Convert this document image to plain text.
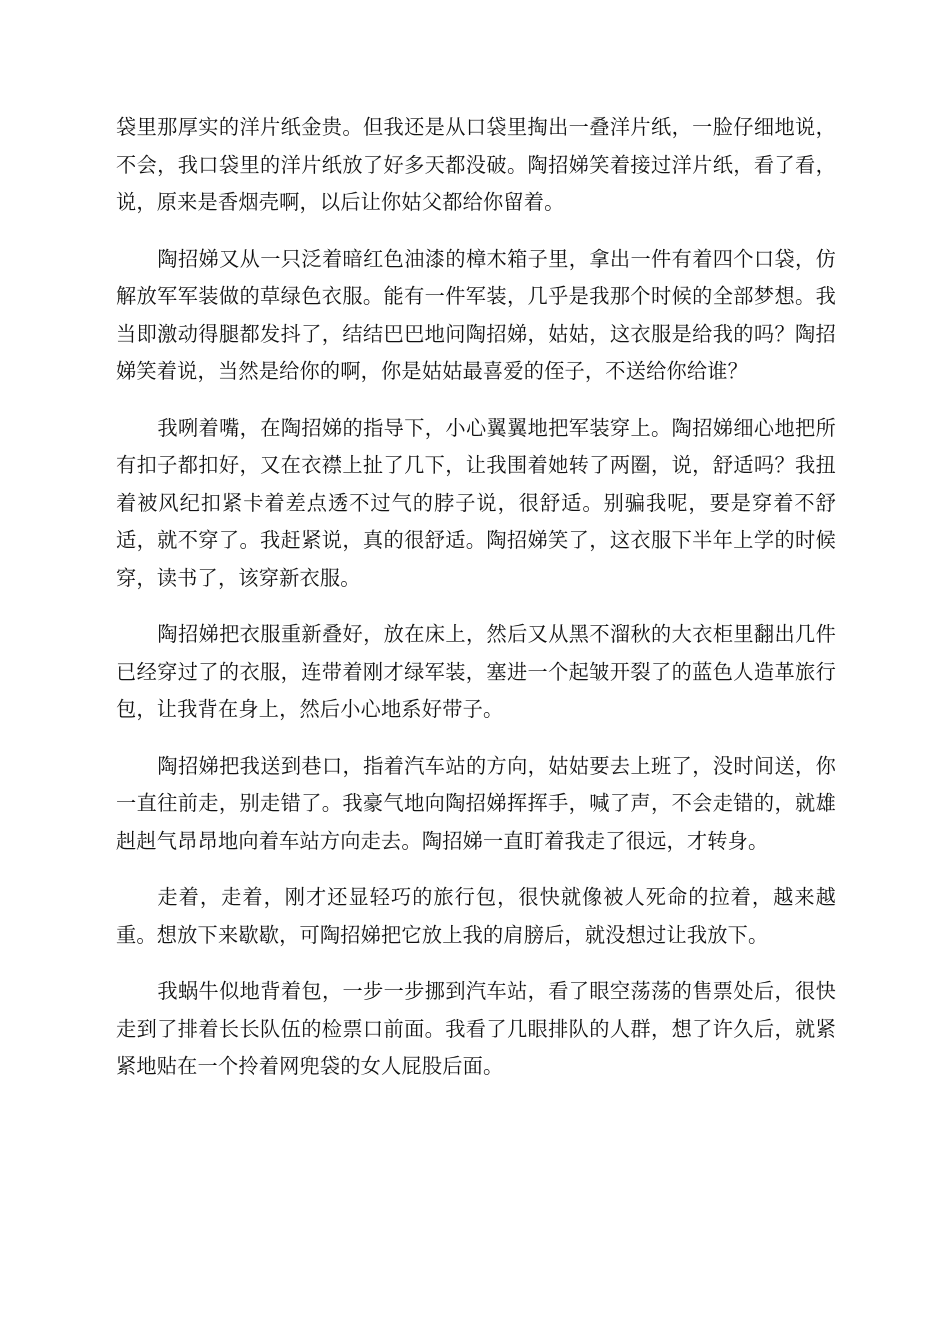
袋里那厚实的洋片纸金贵。但我还是从口袋里掏出一叠洋片纸，一脸仔细地说，不会，我口袋里的洋片纸放了好多天都没破。陶招娣笑着接过洋片纸，看了看，说，原来是香烟壳啊，以后让你姑父都给你留着。

陶招娣又从一只泛着暗红色油漆的樟木箱子里，拿出一件有着四个口袋，仿解放军军装做的草绿色衣服。能有一件军装，几乎是我那个时候的全部梦想。我当即激动得腿都发抖了，结结巴巴地问陶招娣，姑姑，这衣服是给我的吗？陶招娣笑着说，当然是给你的啊，你是姑姑最喜爱的侄子，不送给你给谁？

我咧着嘴，在陶招娣的指导下，小心翼翼地把军装穿上。陶招娣细心地把所有扣子都扣好，又在衣襟上扯了几下，让我围着她转了两圈，说，舒适吗？我扭着被风纪扣紧卡着差点透不过气的脖子说，很舒适。别骗我呢，要是穿着不舒适，就不穿了。我赶紧说，真的很舒适。陶招娣笑了，这衣服下半年上学的时候穿，读书了，该穿新衣服。

陶招娣把衣服重新叠好，放在床上，然后又从黑不溜秋的大衣柜里翻出几件已经穿过了的衣服，连带着刚才绿军装，塞进一个起皱开裂了的蓝色人造革旅行包，让我背在身上，然后小心地系好带子。

陶招娣把我送到巷口，指着汽车站的方向，姑姑要去上班了，没时间送，你一直往前走，别走错了。我豪气地向陶招娣挥挥手，喊了声，不会走错的，就雄赳赳气昂昂地向着车站方向走去。陶招娣一直盯着我走了很远，才转身。

走着，走着，刚才还显轻巧的旅行包，很快就像被人死命的拉着，越来越重。想放下来歇歇，可陶招娣把它放上我的肩膀后，就没想过让我放下。

我蜗牛似地背着包，一步一步挪到汽车站，看了眼空荡荡的售票处后，很快走到了排着长长队伍的检票口前面。我看了几眼排队的人群，想了许久后，就紧紧地贴在一个拎着网兜袋的女人屁股后面。
